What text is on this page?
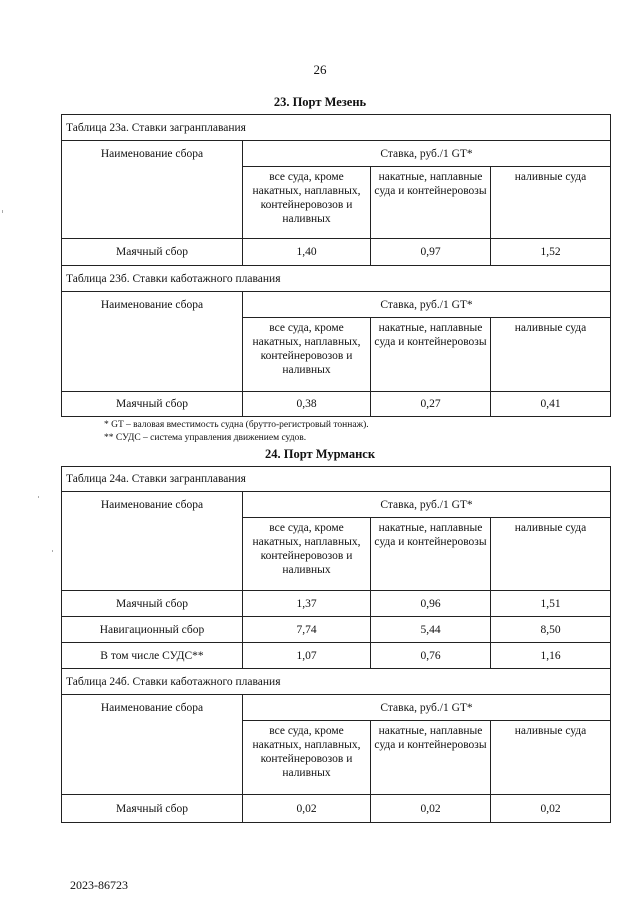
26
23. Порт Мезень
Таблица 23а. Ставки загранплавания			
Наименование сбора	Ставка, руб./1 GT*		
	все суда, кроме накатных, наплавных, контейнеровозов и наливных	накатные, наплавные суда и контейнеровозы	наливные суда
Маячный сбор	1,40	0,97	1,52
Таблица 23б. Ставки каботажного плавания			
Наименование сбора	Ставка, руб./1 GT*		
	все суда, кроме накатных, наплавных, контейнеровозов и наливных	накатные, наплавные суда и контейнеровозы	наливные суда
Маячный сбор	0,38	0,27	0,41
* GT – валовая вместимость судна (брутто-регистровый тоннаж).
** СУДС – система управления движением судов.
24. Порт Мурманск
Таблица 24а. Ставки загранплавания			
Наименование сбора	Ставка, руб./1 GT*		
	все суда, кроме накатных, наплавных, контейнеровозов и наливных	накатные, наплавные суда и контейнеровозы	наливные суда
Маячный сбор	1,37	0,96	1,51
Навигационный сбор	7,74	5,44	8,50
В том числе СУДС**	1,07	0,76	1,16
Таблица 24б. Ставки каботажного плавания			
Наименование сбора	Ставка, руб./1 GT*		
	все суда, кроме накатных, наплавных, контейнеровозов и наливных	накатные, наплавные суда и контейнеровозы	наливные суда
Маячный сбор	0,02	0,02	0,02
2023-86723
